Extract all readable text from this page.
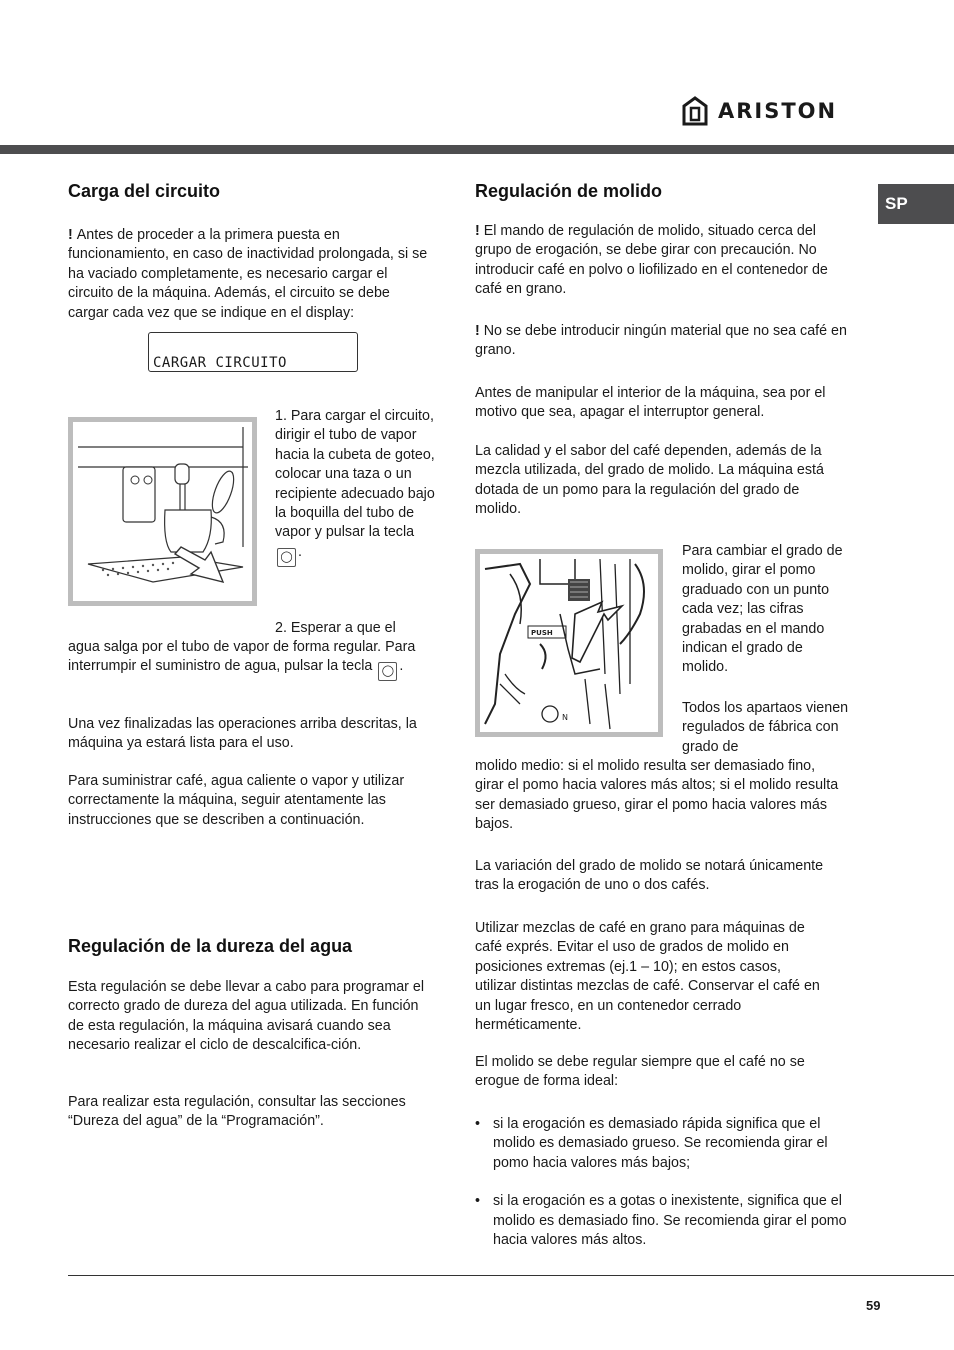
ARISTON
SP
Carga del circuito

! Antes de proceder a la primera puesta en funcionamiento, en caso de inactividad prolongada, si se ha vaciado completamente, es necesario cargar el circuito de la máquina. Además, el circuito se debe cargar cada vez que se indique en el display:

CARGAR CIRCUITO

1. Para cargar el circuito, dirigir el tubo de vapor hacia la cubeta de goteo, colocar una taza o un recipiente adecuado bajo la boquilla del tubo de vapor y pulsar la tecla ◯ .

2. Esperar a que el

agua salga por el tubo de vapor de forma regular. Para interrumpir el suministro de agua, pulsar la tecla ◯ .

Una vez finalizadas las operaciones arriba descritas, la máquina ya estará lista para el uso.

Para suministrar café, agua caliente o vapor y utilizar correctamente la máquina, seguir atentamente las instrucciones que se describen a continuación.

Regulación de la dureza del agua

Esta regulación se debe llevar a cabo para programar el correcto grado de dureza del agua utilizada. En función de esta regulación, la máquina avisará cuando sea necesario realizar el ciclo de descalcifica-ción.

Para realizar esta regulación, consultar las secciones “Dureza del agua” de la “Programación”.

Regulación de molido

! El mando de regulación de molido, situado cerca del grupo de erogación, se debe girar con precaución. No introducir café en polvo o liofilizado en el contenedor de café en grano.

! No se debe introducir ningún material que no sea café en grano.

Antes de manipular el interior de la máquina, sea por el motivo que sea, apagar el interruptor general.

La calidad y el sabor del café dependen, además de la mezcla utilizada, del grado de molido. La máquina está dotada de un pomo para la regulación del grado de molido.

PUSH
N

Para cambiar el grado de molido, girar el pomo graduado con un punto cada vez; las cifras grabadas en el mando indican el grado de molido.

Todos los apartaos vienen regulados de fábrica con grado de

molido medio: si el molido resulta ser demasiado fino, girar el pomo hacia valores más altos; si el molido resulta ser demasiado grueso, girar el pomo hacia valores más bajos.

La variación del grado de molido se notará únicamente tras la erogación de uno o dos cafés.

Utilizar mezclas de café en grano para máquinas de café exprés. Evitar el uso de grados de molido en posiciones extremas (ej.1 – 10); en estos casos, utilizar distintas mezclas de café. Conservar el café en un lugar fresco, en un contenedor cerrado herméticamente.

El molido se debe regular siempre que el café no se erogue de forma ideal:

• si la erogación es demasiado rápida significa que el molido es demasiado grueso. Se recomienda girar el pomo hacia valores más bajos;
• si la erogación es a gotas o inexistente, significa que el molido es demasiado fino. Se recomienda girar el pomo hacia valores más altos.
59
